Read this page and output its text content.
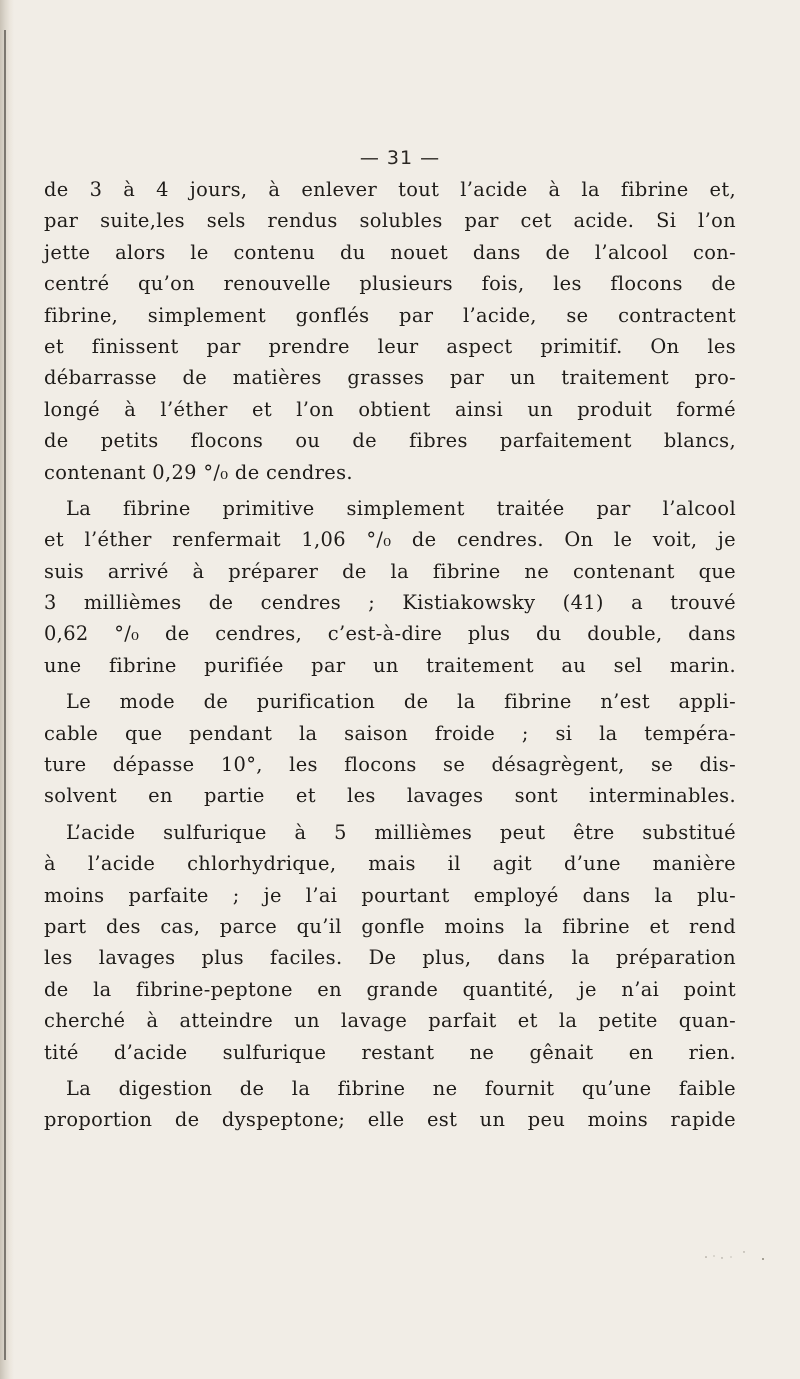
— 31 —
de 3 à 4 jours, à enlever tout l’acide à la fibrine et,
par suite,les sels rendus solubles par cet acide. Si l’on
jette alors le contenu du nouet dans de l’alcool con-
centré qu’on renouvelle plusieurs fois, les flocons de
fibrine, simplement gonflés par l’acide, se contractent
et finissent par prendre leur aspect primitif. On les
débarrasse de matières grasses par un traitement pro-
longé à l’éther et l’on obtient ainsi un produit formé
de petits flocons ou de fibres parfaitement blancs,
contenant 0,29 °/₀ de cendres.
La fibrine primitive simplement traitée par l’alcool
et l’éther renfermait 1,06 °/₀ de cendres. On le voit, je
suis arrivé à préparer de la fibrine ne contenant que
3 millièmes de cendres ; Kistiakowsky (41) a trouvé
0,62 °/₀ de cendres, c’est-à-dire plus du double, dans
une fibrine purifiée par un traitement au sel marin.
Le mode de purification de la fibrine n’est appli-
cable que pendant la saison froide ; si la tempéra-
ture dépasse 10°, les flocons se désagrègent, se dis-
solvent en partie et les lavages sont interminables.
L’acide sulfurique à 5 millièmes peut être substitué
à l’acide chlorhydrique, mais il agit d’une manière
moins parfaite ; je l’ai pourtant employé dans la plu-
part des cas, parce qu’il gonfle moins la fibrine et rend
les lavages plus faciles. De plus, dans la préparation
de la fibrine-peptone en grande quantité, je n’ai point
cherché à atteindre un lavage parfait et la petite quan-
tité d’acide sulfurique restant ne gênait en rien.
La digestion de la fibrine ne fournit qu’une faible
proportion de dyspeptone; elle est un peu moins rapide
